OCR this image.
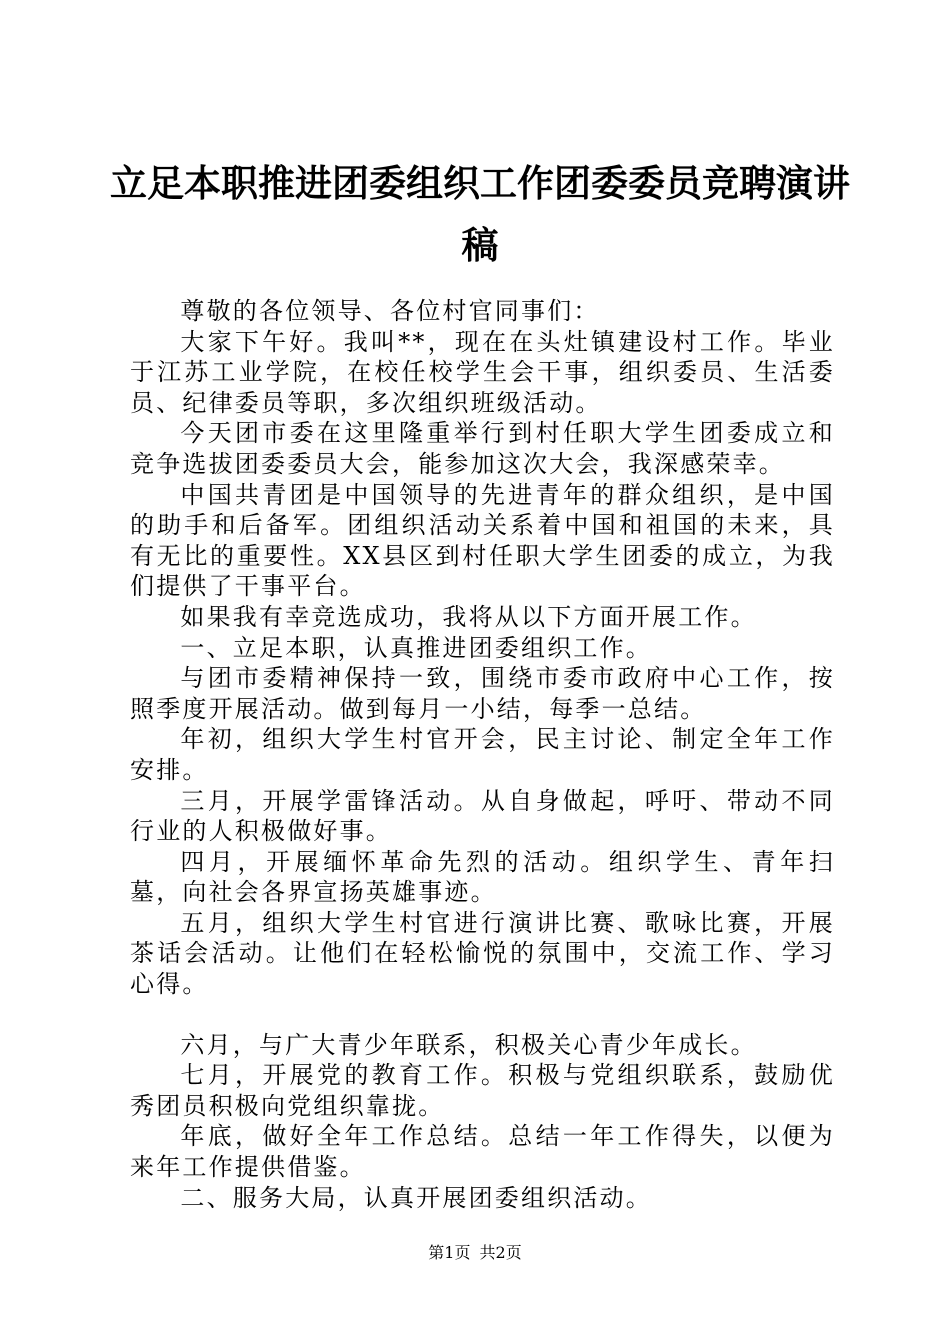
立足本职推进团委组织工作团委委员竞聘演讲稿

尊敬的各位领导、各位村官同事们：

大家下午好。我叫**，现在在头灶镇建设村工作。毕业于江苏工业学院，在校任校学生会干事，组织委员、生活委员、纪律委员等职，多次组织班级活动。

今天团市委在这里隆重举行到村任职大学生团委成立和竞争选拔团委委员大会，能参加这次大会，我深感荣幸。

中国共青团是中国领导的先进青年的群众组织，是中国的助手和后备军。团组织活动关系着中国和祖国的未来，具有无比的重要性。XX县区到村任职大学生团委的成立，为我们提供了干事平台。

如果我有幸竞选成功，我将从以下方面开展工作。

一、立足本职，认真推进团委组织工作。

与团市委精神保持一致，围绕市委市政府中心工作，按照季度开展活动。做到每月一小结，每季一总结。

年初，组织大学生村官开会，民主讨论、制定全年工作安排。

三月，开展学雷锋活动。从自身做起，呼吁、带动不同行业的人积极做好事。

四月，开展缅怀革命先烈的活动。组织学生、青年扫墓，向社会各界宣扬英雄事迹。

五月，组织大学生村官进行演讲比赛、歌咏比赛，开展茶话会活动。让他们在轻松愉悦的氛围中，交流工作、学习心得。

六月，与广大青少年联系，积极关心青少年成长。

七月，开展党的教育工作。积极与党组织联系，鼓励优秀团员积极向党组织靠拢。

年底，做好全年工作总结。总结一年工作得失，以便为来年工作提供借鉴。

二、服务大局，认真开展团委组织活动。

第1页 共2页
